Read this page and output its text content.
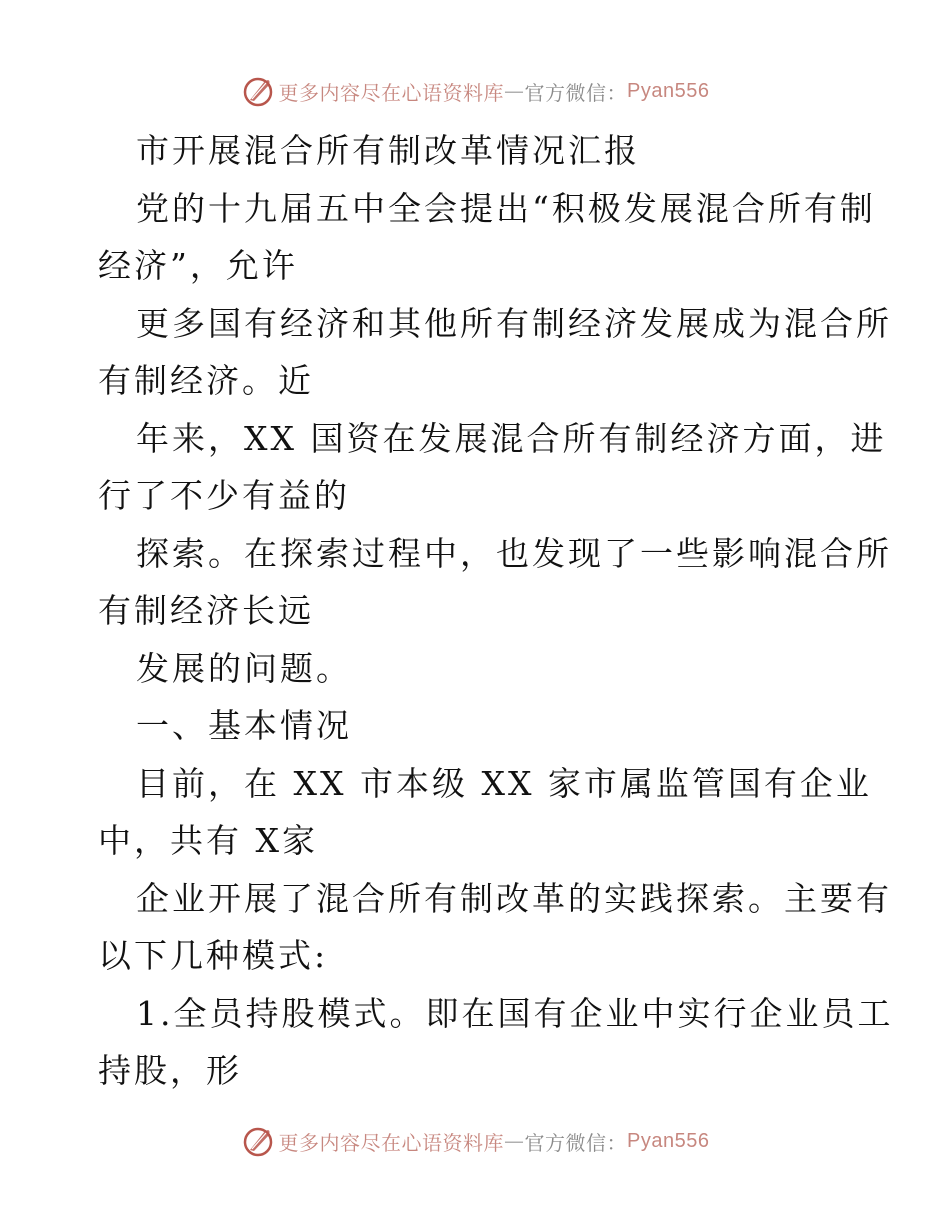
更多内容尽在心语资料库 — 官方微信： Pyan556
市开展混合所有制改革情况汇报
党的十九届五中全会提出“积极发展混合所有制
经济”，允许
更多国有经济和其他所有制经济发展成为混合所
有制经济。近
年来，XX 国资在发展混合所有制经济方面，进
行了不少有益的
探索。在探索过程中，也发现了一些影响混合所
有制经济长远
发展的问题。
一、基本情况
目前，在 XX 市本级 XX 家市属监管国有企业
中，共有 X家
企业开展了混合所有制改革的实践探索。主要有
以下几种模式:
1.全员持股模式。即在国有企业中实行企业员工
持股，形
更多内容尽在心语资料库 — 官方微信： Pyan556
